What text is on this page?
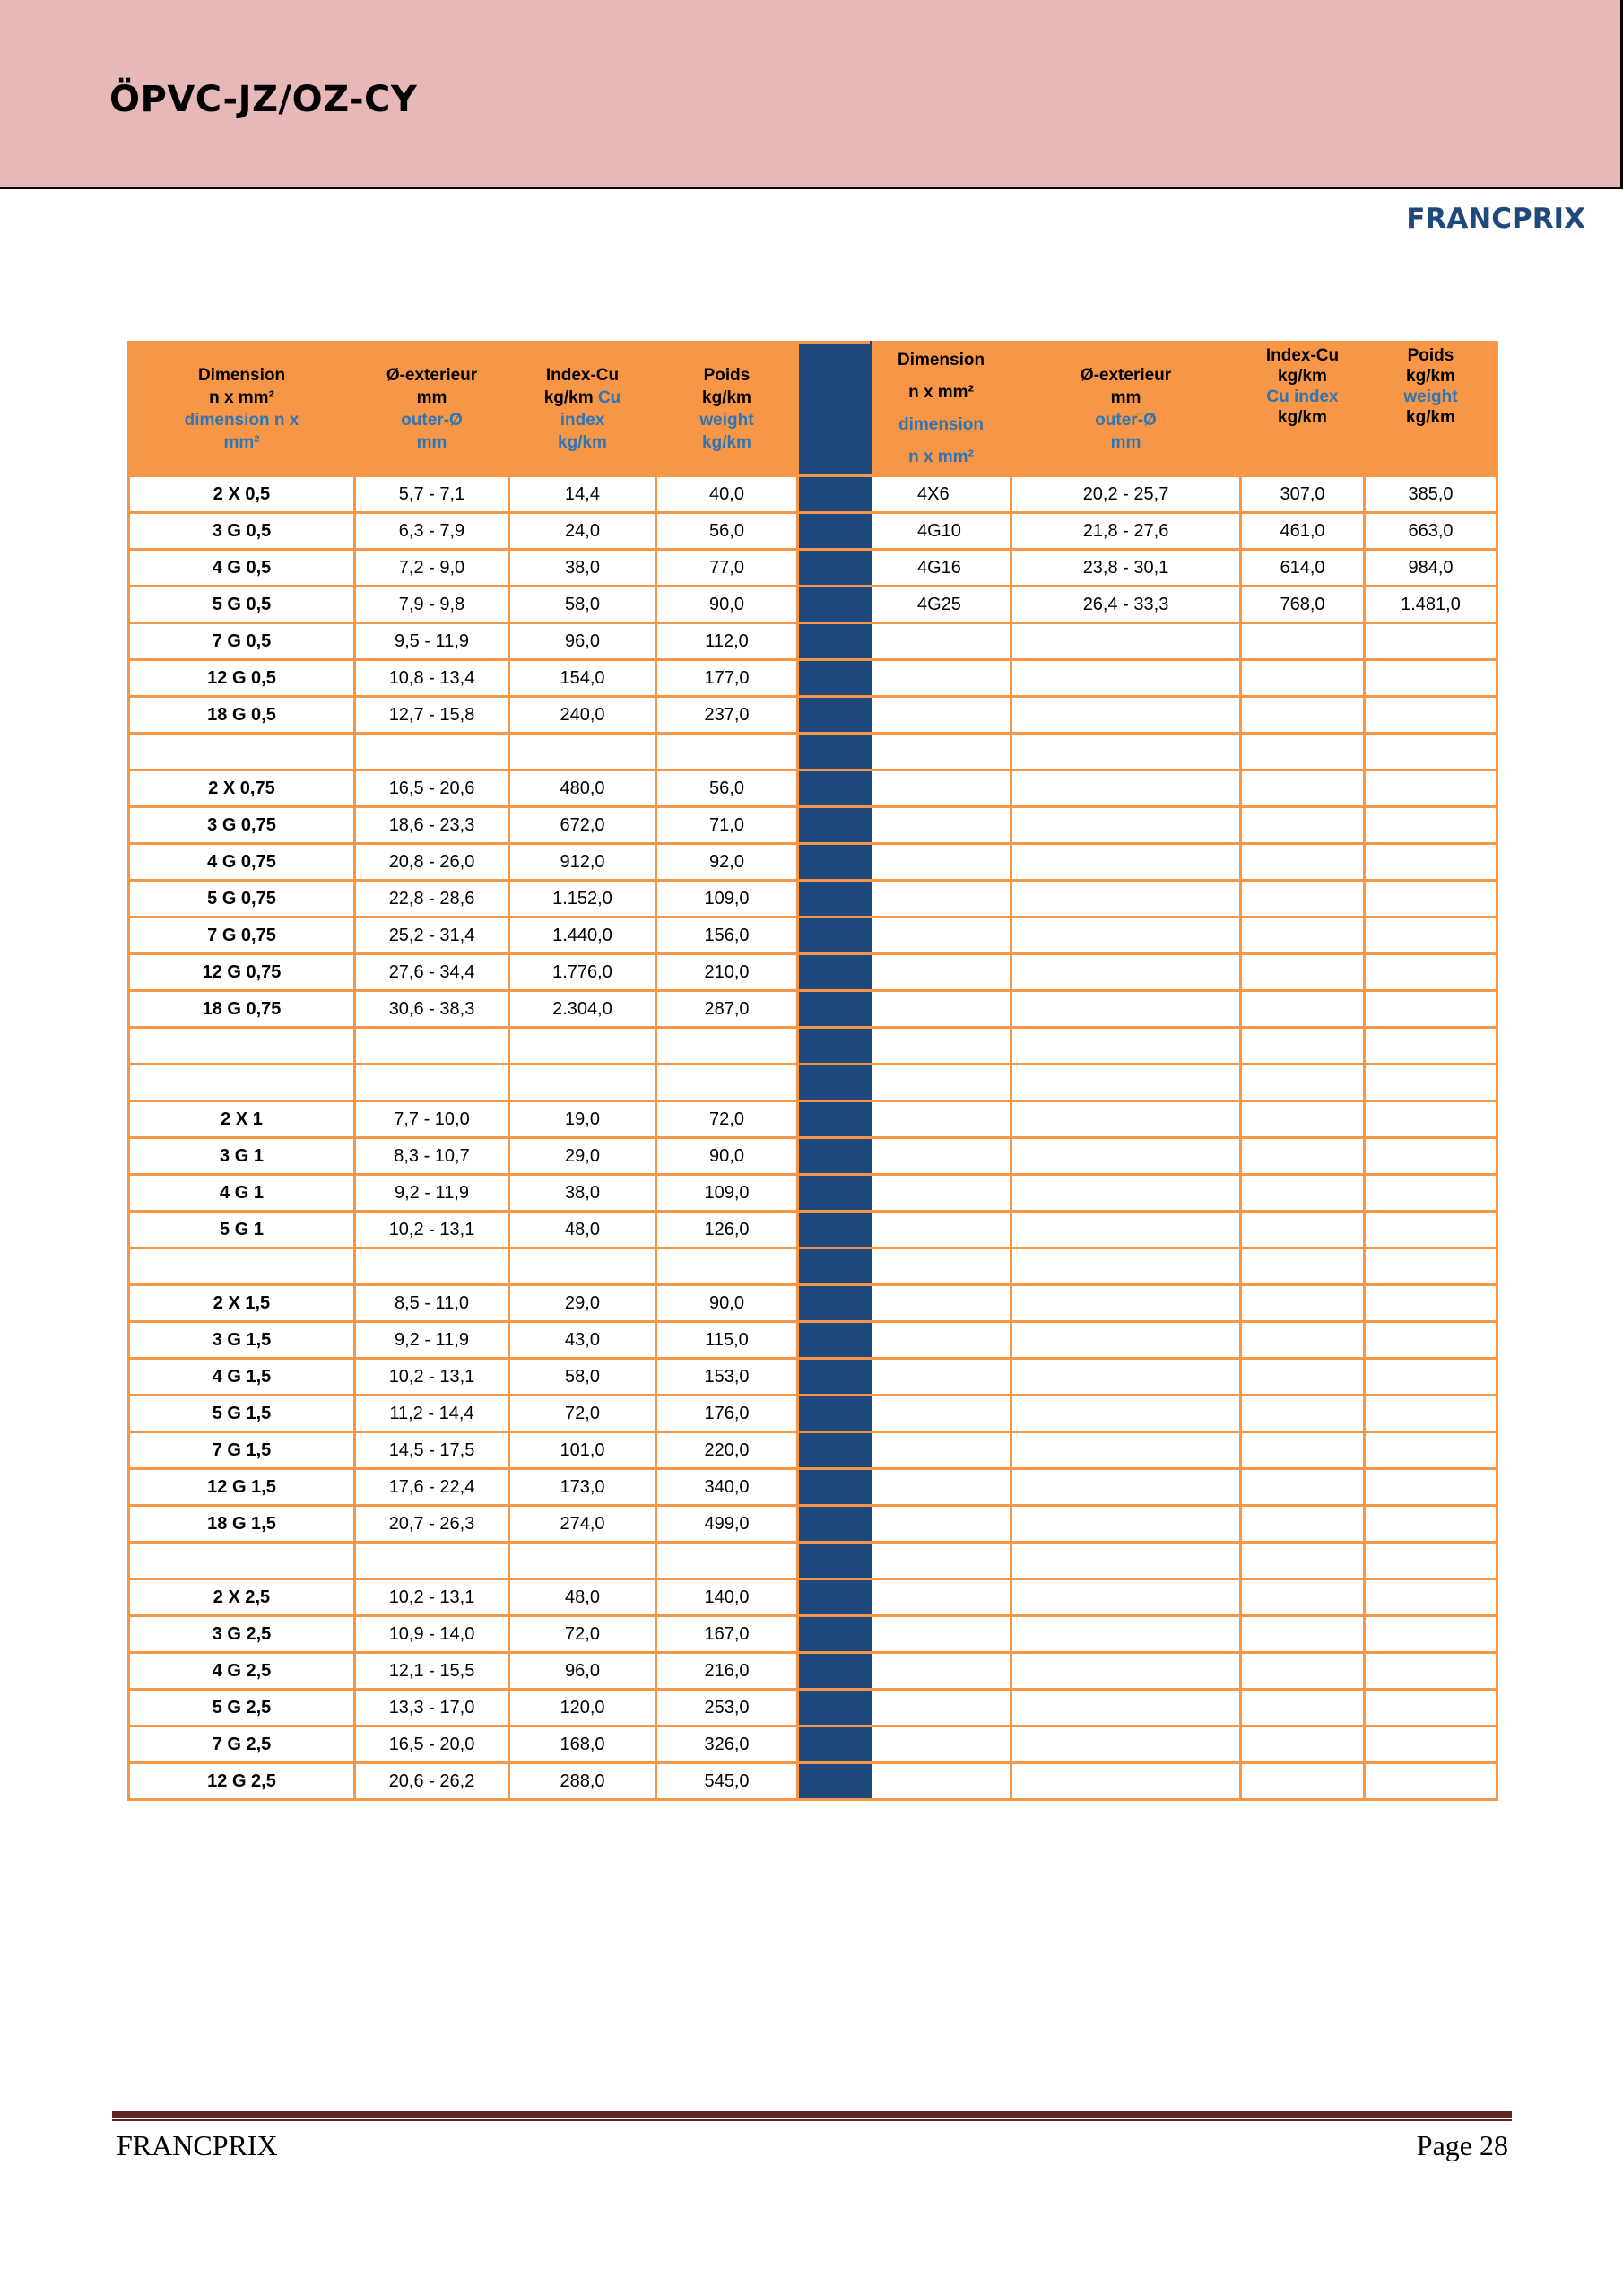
ÖPVC-JZ/OZ-CY
FRANCPRIX
Dimension
n x mm²
dimension n x
mm²	Ø-exterieur
mm
outer-Ø
mm	Index-Cu
kg/km Cu
index
kg/km	Poids
kg/km
weight
kg/km		Dimension
n x mm²
dimension
n x mm²	Ø-exterieur
mm
outer-Ø
mm	Index-Cu
kg/km
Cu index
kg/km	Poids
kg/km
weight
kg/km
2 X 0,5	5,7 - 7,1	14,4	40,0		4X6	20,2 - 25,7	307,0	385,0
3 G 0,5	6,3 - 7,9	24,0	56,0		4G10	21,8 - 27,6	461,0	663,0
4 G 0,5	7,2 - 9,0	38,0	77,0		4G16	23,8 - 30,1	614,0	984,0
5 G 0,5	7,9 - 9,8	58,0	90,0		4G25	26,4 - 33,3	768,0	1.481,0
7 G 0,5	9,5 - 11,9	96,0	112,0					
12 G 0,5	10,8 - 13,4	154,0	177,0					
18 G 0,5	12,7 - 15,8	240,0	237,0					

2 X 0,75	16,5 - 20,6	480,0	56,0					
3 G 0,75	18,6 - 23,3	672,0	71,0					
4 G 0,75	20,8 - 26,0	912,0	92,0					
5 G 0,75	22,8 - 28,6	1.152,0	109,0					
7 G 0,75	25,2 - 31,4	1.440,0	156,0					
12 G 0,75	27,6 - 34,4	1.776,0	210,0					
18 G 0,75	30,6 - 38,3	2.304,0	287,0					

2 X 1	7,7 - 10,0	19,0	72,0					
3 G 1	8,3 - 10,7	29,0	90,0					
4 G 1	9,2 - 11,9	38,0	109,0					
5 G 1	10,2 - 13,1	48,0	126,0					

2 X 1,5	8,5 - 11,0	29,0	90,0					
3 G 1,5	9,2 - 11,9	43,0	115,0					
4 G 1,5	10,2 - 13,1	58,0	153,0					
5 G 1,5	11,2 - 14,4	72,0	176,0					
7 G 1,5	14,5 - 17,5	101,0	220,0					
12 G 1,5	17,6 - 22,4	173,0	340,0					
18 G 1,5	20,7 - 26,3	274,0	499,0					

2 X 2,5	10,2 - 13,1	48,0	140,0					
3 G 2,5	10,9 - 14,0	72,0	167,0					
4 G 2,5	12,1 - 15,5	96,0	216,0					
5 G 2,5	13,3 - 17,0	120,0	253,0					
7 G 2,5	16,5 - 20,0	168,0	326,0					
12 G 2,5	20,6 - 26,2	288,0	545,0					
FRANCPRIX	Page 28
